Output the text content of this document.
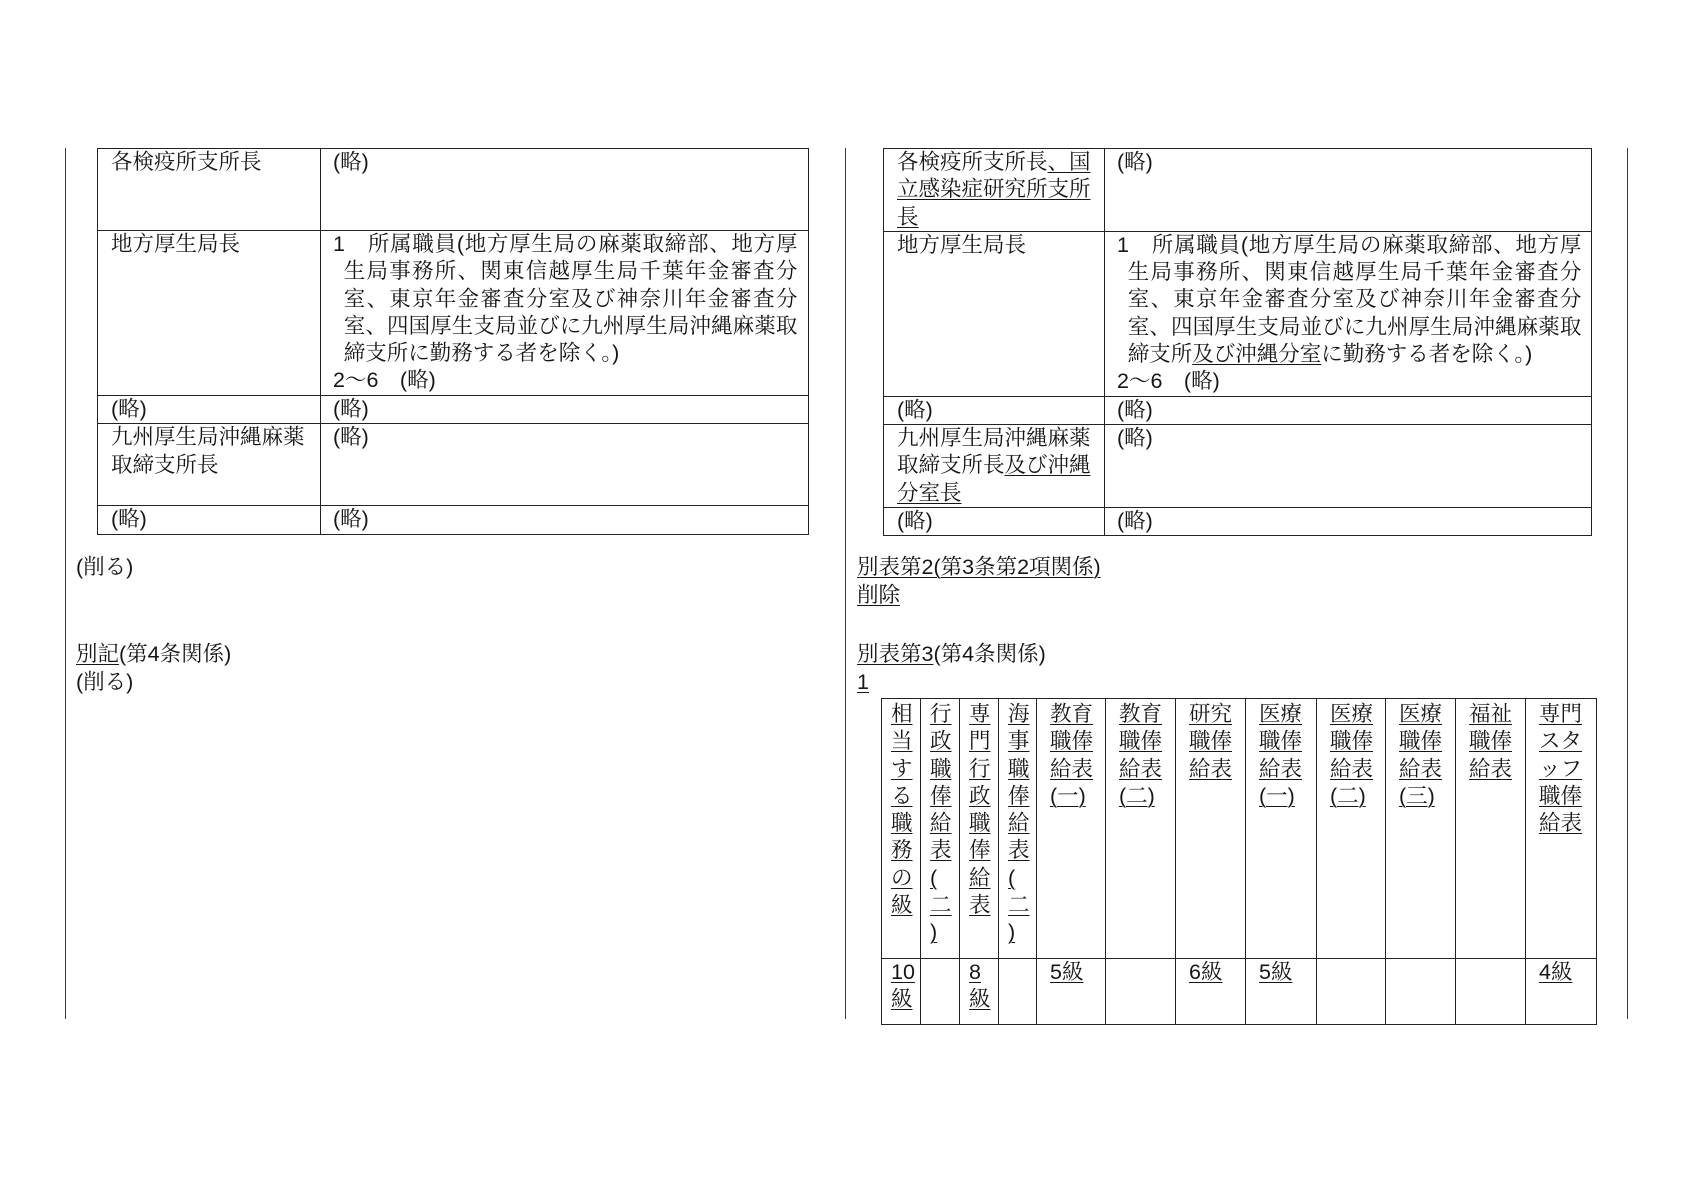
各検疫所支所長	(略)
地方厚生局長	1　所属職員(地方厚生局の麻薬取締部、地方厚生局事務所、関東信越厚生局千葉年金審査分室、東京年金審査分室及び神奈川年金審査分室、四国厚生支局並びに九州厚生局沖縄麻薬取締支所に勤務する者を除く。)
2〜6　(略)

(略)	(略)
九州厚生局沖縄麻薬取締支所長	(略)
(略)	(略)
(削る)
別記(第4条関係)
(削る)
各検疫所支所長、国立感染症研究所支所長	(略)
地方厚生局長	1　所属職員(地方厚生局の麻薬取締部、地方厚生局事務所、関東信越厚生局千葉年金審査分室、東京年金審査分室及び神奈川年金審査分室、四国厚生支局並びに九州厚生局沖縄麻薬取締支所及び沖縄分室に勤務する者を除く。)
2〜6　(略)

(略)	(略)
九州厚生局沖縄麻薬取締支所長及び沖縄分室長	(略)
(略)	(略)
別表第2(第3条第2項関係)
削除
別表第3(第4条関係)
1
相当する職務の級	行政職俸給表(二)	専門行政職俸給表	海事職俸給表(二)	教育職俸給表(一)	教育職俸給表(二)	研究職俸給表	医療職俸給表(一)	医療職俸給表(二)	医療職俸給表(三)	福祉職俸給表	専門スタッフ職俸給表
10級		8級		5級		6級	5級				4級
